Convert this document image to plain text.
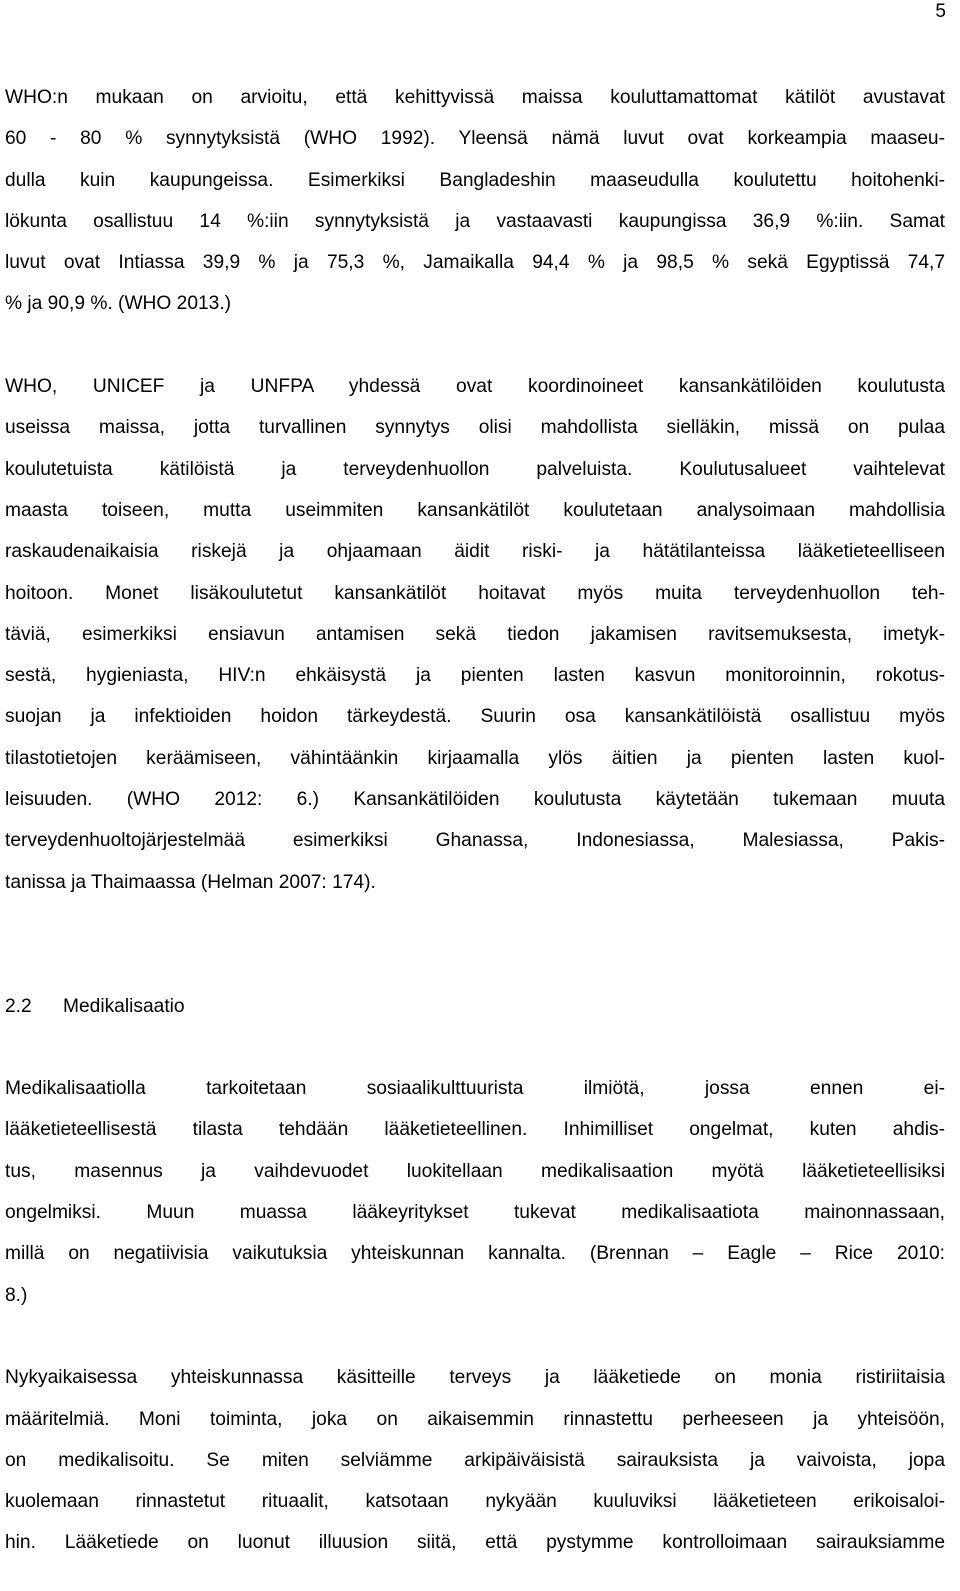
5
WHO:n mukaan on arvioitu, että kehittyvissä maissa kouluttamattomat kätilöt avustavat
60 - 80 % synnytyksistä (WHO 1992). Yleensä nämä luvut ovat korkeampia maaseu-
dulla kuin kaupungeissa. Esimerkiksi Bangladeshin maaseudulla koulutettu hoitohenki-
lökunta osallistuu 14 %:iin synnytyksistä ja vastaavasti kaupungissa 36,9 %:iin. Samat
luvut ovat Intiassa 39,9 % ja 75,3 %, Jamaikalla 94,4 % ja 98,5 % sekä Egyptissä 74,7
% ja 90,9 %. (WHO 2013.)
WHO, UNICEF ja UNFPA yhdessä ovat koordinoineet kansankätilöiden koulutusta
useissa maissa, jotta turvallinen synnytys olisi mahdollista sielläkin, missä on pulaa
koulutetuista kätilöistä ja terveydenhuollon palveluista. Koulutusalueet vaihtelevat
maasta toiseen, mutta useimmiten kansankätilöt koulutetaan analysoimaan mahdollisia
raskaudenaikaisia riskejä ja ohjaamaan äidit riski- ja hätätilanteissa lääketieteelliseen
hoitoon. Monet lisäkoulutetut kansankätilöt hoitavat myös muita terveydenhuollon teh-
täviä, esimerkiksi ensiavun antamisen sekä tiedon jakamisen ravitsemuksesta, imetyk-
sestä, hygieniasta, HIV:n ehkäisystä ja pienten lasten kasvun monitoroinnin, rokotus-
suojan ja infektioiden hoidon tärkeydestä. Suurin osa kansankätilöistä osallistuu myös
tilastotietojen keräämiseen, vähintäänkin kirjaamalla ylös äitien ja pienten lasten kuol-
leisuuden. (WHO 2012: 6.) Kansankätilöiden koulutusta käytetään tukemaan muuta
terveydenhuoltojärjestelmää esimerkiksi Ghanassa, Indonesiassa, Malesiassa, Pakis-
tanissa ja Thaimaassa (Helman 2007: 174).
2.2 Medikalisaatio
Medikalisaatiolla tarkoitetaan sosiaalikulttuurista ilmiötä, jossa ennen ei-
lääketieteellisestä tilasta tehdään lääketieteellinen. Inhimilliset ongelmat, kuten ahdis-
tus, masennus ja vaihdevuodet luokitellaan medikalisaation myötä lääketieteellisiksi
ongelmiksi. Muun muassa lääkeyritykset tukevat medikalisaatiota mainonnassaan,
millä on negatiivisia vaikutuksia yhteiskunnan kannalta. (Brennan – Eagle – Rice 2010:
8.)
Nykyaikaisessa yhteiskunnassa käsitteille terveys ja lääketiede on monia ristiriitaisia
määritelmiä. Moni toiminta, joka on aikaisemmin rinnastettu perheeseen ja yhteisöön,
on medikalisoitu. Se miten selviämme arkipäiväisistä sairauksista ja vaivoista, jopa
kuolemaan rinnastetut rituaalit, katsotaan nykyään kuuluviksi lääketieteen erikoisaloi-
hin. Lääketiede on luonut illuusion siitä, että pystymme kontrolloimaan sairauksiamme
